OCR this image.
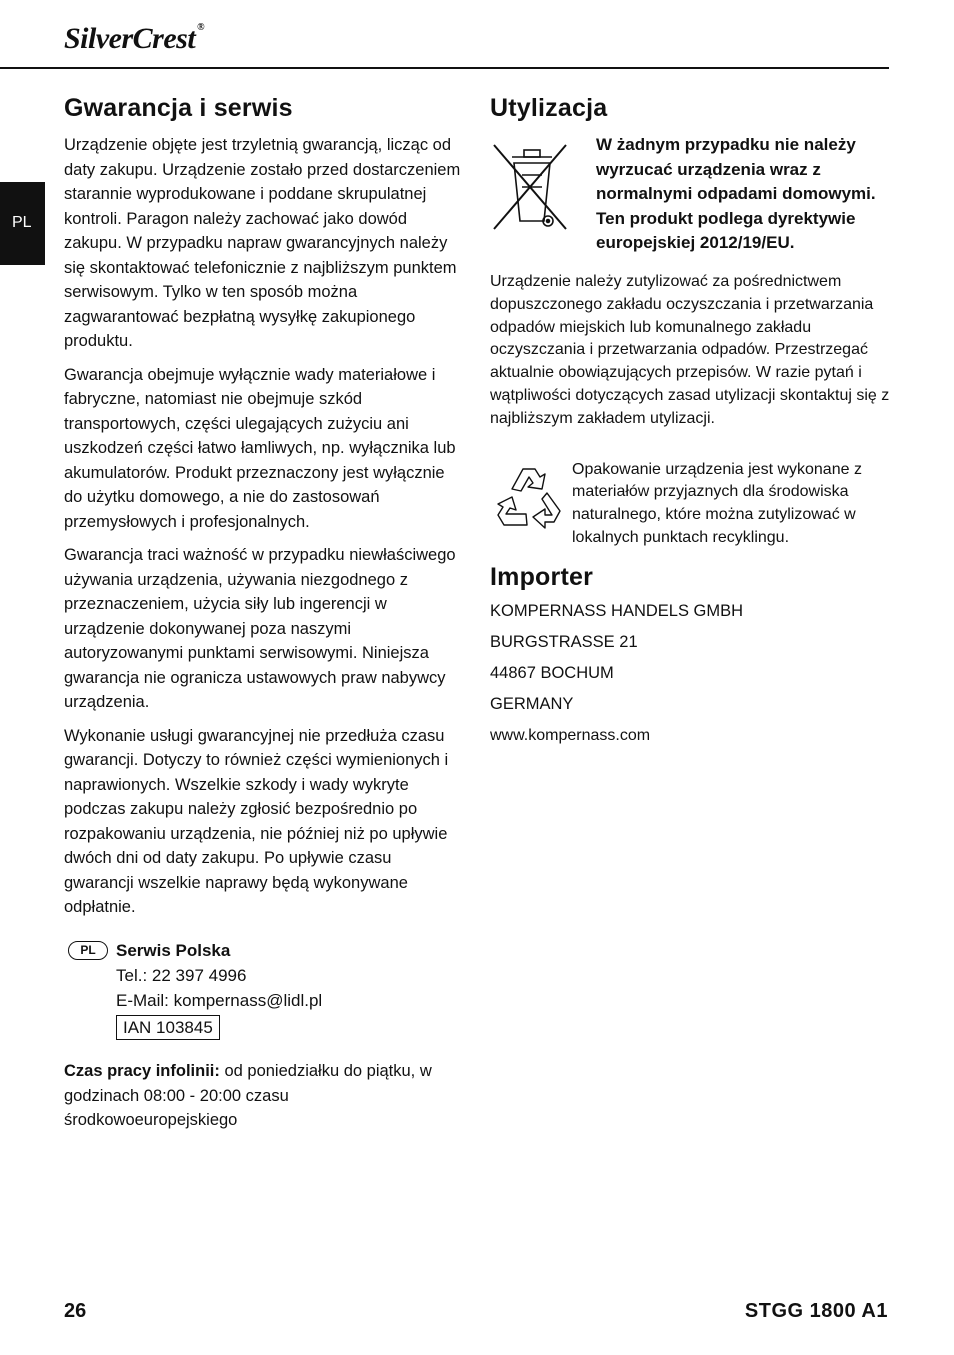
SilverCrest ®
PL
Gwarancja i serwis

Urządzenie objęte jest trzyletnią gwarancją, licząc od daty zakupu. Urządzenie zostało przed dostarczeniem starannie wyprodukowane i poddane skrupulatnej kontroli. Paragon należy zachować jako dowód zakupu. W przypadku napraw gwarancyjnych należy się skontaktować telefonicznie z najbliższym punktem serwisowym. Tylko w ten sposób można zagwarantować bezpłatną wysyłkę zakupionego produktu.

Gwarancja obejmuje wyłącznie wady materiałowe i fabryczne, natomiast nie obejmuje szkód transportowych, części ulegających zużyciu ani uszkodzeń części łatwo łamliwych, np. wyłącznika lub akumulatorów. Produkt przeznaczony jest wyłącznie do użytku domowego, a nie do zastosowań przemysłowych i profesjonalnych.

Gwarancja traci ważność w przypadku niewłaściwego używania urządzenia, używania niezgodnego z przeznaczeniem, użycia siły lub ingerencji w urządzenie dokonywanej poza naszymi autoryzowanymi punktami serwisowymi. Niniejsza gwarancja nie ogranicza ustawowych praw nabywcy urządzenia.

Wykonanie usługi gwarancyjnej nie przedłuża czasu gwarancji. Dotyczy to również części wymienionych i naprawionych. Wszelkie szkody i wady wykryte podczas zakupu należy zgłosić bezpośrednio po rozpakowaniu urządzenia, nie później niż po upływie dwóch dni od daty zakupu. Po upływie czasu gwarancji wszelkie naprawy będą wykonywane odpłatnie.

PL	Serwis Polska
Tel.: 22 397 4996
E-Mail: kompernass@lidl.pl
IAN 103845

Czas pracy infolinii: od poniedziałku do piątku, w godzinach 08:00 - 20:00 czasu środkowoeuropejskiego

Utylizacja
W żadnym przypadku nie należy wyrzucać urządzenia wraz z normalnymi odpadami domowymi. Ten produkt podlega dyrektywie europejskiej 2012/19/EU.

Urządzenie należy zutylizować za pośrednictwem dopuszczonego zakładu oczyszczania i przetwarzania odpadów miejskich lub komunalnego zakładu oczyszczania i przetwarzania odpadów. Przestrzegać aktualnie obowiązujących przepisów. W razie pytań i wątpliwości dotyczących zasad utylizacji skontaktuj się z najbliższym zakładem utylizacji.

Opakowanie urządzenia jest wykonane z materiałów przyjaznych dla środowiska naturalnego, które można zutylizować w lokalnych punktach recyklingu.
Importer
KOMPERNASS HANDELS GMBH
BURGSTRASSE 21
44867 BOCHUM
GERMANY
www.kompernass.com
26	STGG 1800 A1
